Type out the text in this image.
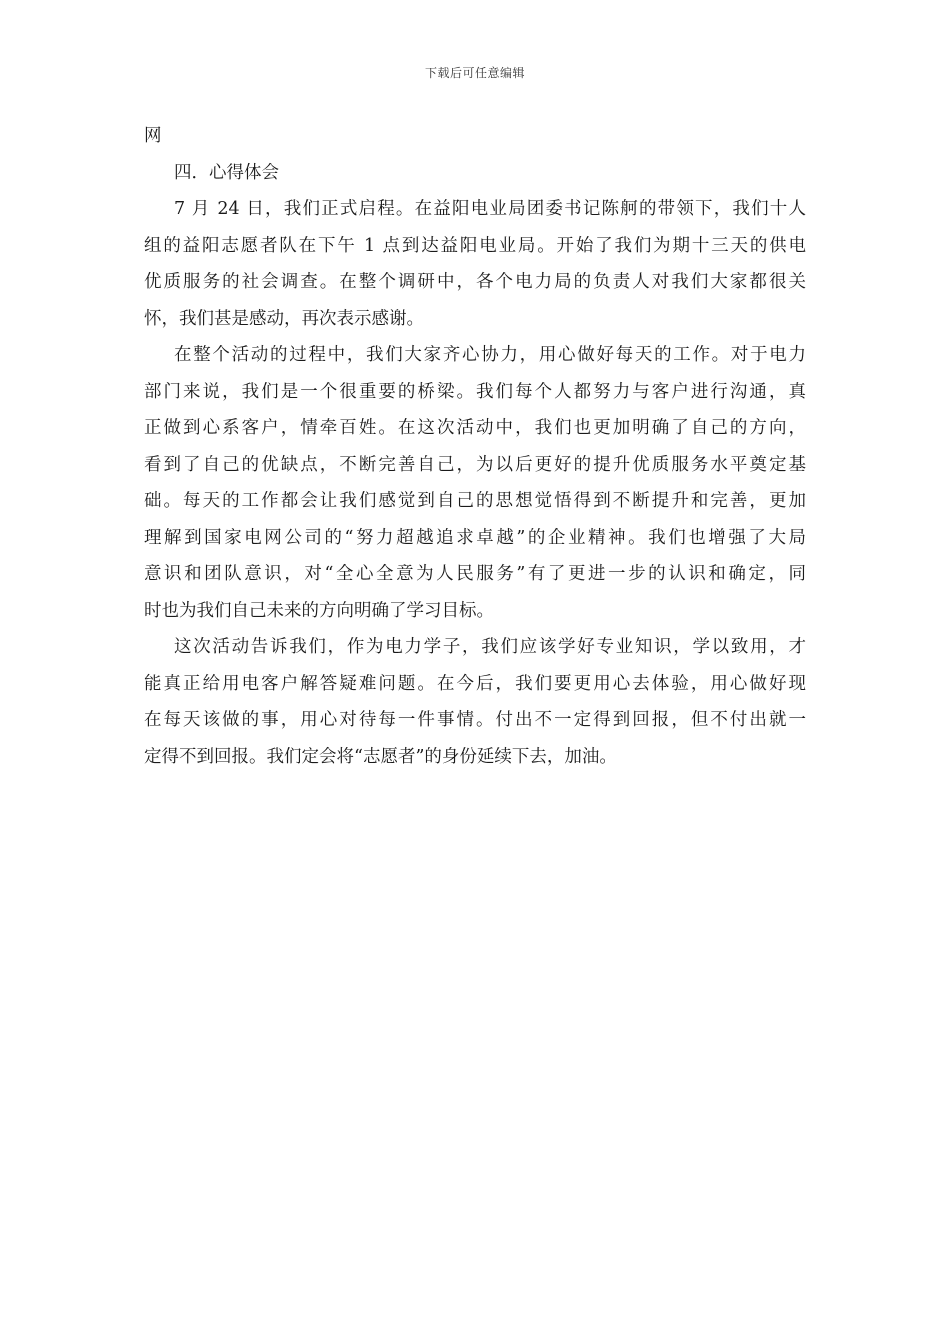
下载后可任意编辑

网

四．心得体会

7 月 24 日，我们正式启程。在益阳电业局团委书记陈舸的带领下，我们十人

组的益阳志愿者队在下午 1 点到达益阳电业局。开始了我们为期十三天的供电

优质服务的社会调查。在整个调研中，各个电力局的负责人对我们大家都很关

怀，我们甚是感动，再次表示感谢。

在整个活动的过程中，我们大家齐心协力，用心做好每天的工作。对于电力

部门来说，我们是一个很重要的桥梁。我们每个人都努力与客户进行沟通，真

正做到心系客户，情牵百姓。在这次活动中，我们也更加明确了自己的方向，

看到了自己的优缺点，不断完善自己，为以后更好的提升优质服务水平奠定基

础。每天的工作都会让我们感觉到自己的思想觉悟得到不断提升和完善，更加

理解到国家电网公司的“努力超越追求卓越”的企业精神。我们也增强了大局

意识和团队意识，对“全心全意为人民服务”有了更进一步的认识和确定，同

时也为我们自己未来的方向明确了学习目标。

这次活动告诉我们，作为电力学子，我们应该学好专业知识，学以致用，才

能真正给用电客户解答疑难问题。在今后，我们要更用心去体验，用心做好现

在每天该做的事，用心对待每一件事情。付出不一定得到回报，但不付出就一

定得不到回报。我们定会将“志愿者”的身份延续下去，加油。
